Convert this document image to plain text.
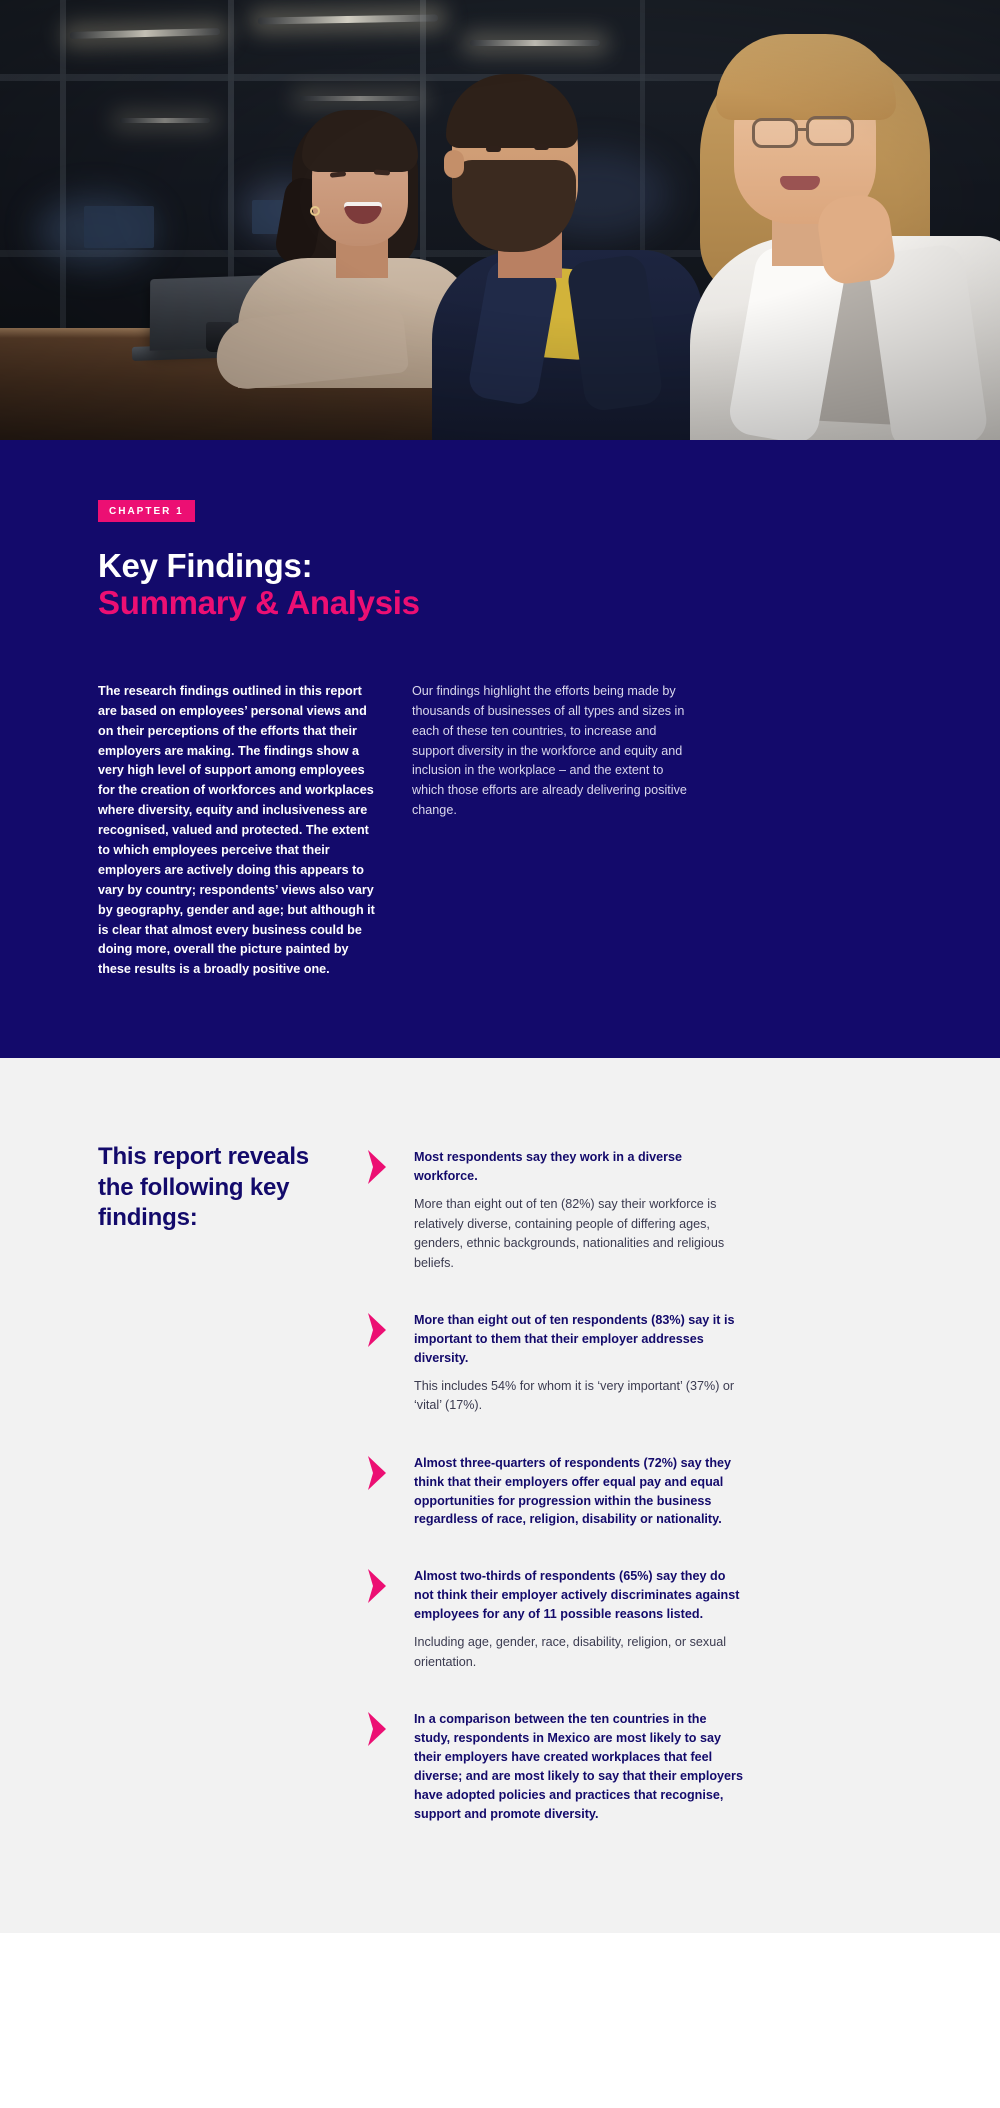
CHAPTER 1
Key Findings:
Summary & Analysis

The research findings outlined in this report are based on employees’ personal views and on their perceptions of the efforts that their employers are making. The findings show a very high level of support among employees for the creation of workforces and workplaces where diversity, equity and inclusiveness are recognised, valued and protected. The extent to which employees perceive that their employers are actively doing this appears to vary by country; respondents’ views also vary by geography, gender and age; but although it is clear that almost every business could be doing more, overall the picture painted by these results is a broadly positive one.

Our findings highlight the efforts being made by thousands of businesses of all types and sizes in each of these ten countries, to increase and support diversity in the workforce and equity and inclusion in the workplace – and the extent to which those efforts are already delivering positive change.

This report reveals the following key findings:
Most respondents say they work in a diverse workforce.
More than eight out of ten (82%) say their workforce is relatively diverse, containing people of differing ages, genders, ethnic backgrounds, nationalities and religious beliefs.
More than eight out of ten respondents (83%) say it is important to them that their employer addresses diversity.
This includes 54% for whom it is ‘very important’ (37%) or ‘vital’ (17%).
Almost three-quarters of respondents (72%) say they think that their employers offer equal pay and equal opportunities for progression within the business regardless of race, religion, disability or nationality.
Almost two-thirds of respondents (65%) say they do not think their employer actively discriminates against employees for any of 11 possible reasons listed.
Including age, gender, race, disability, religion, or sexual orientation.
In a comparison between the ten countries in the study, respondents in Mexico are most likely to say their employers have created workplaces that feel diverse; and are most likely to say that their employers have adopted policies and practices that recognise, support and promote diversity.
